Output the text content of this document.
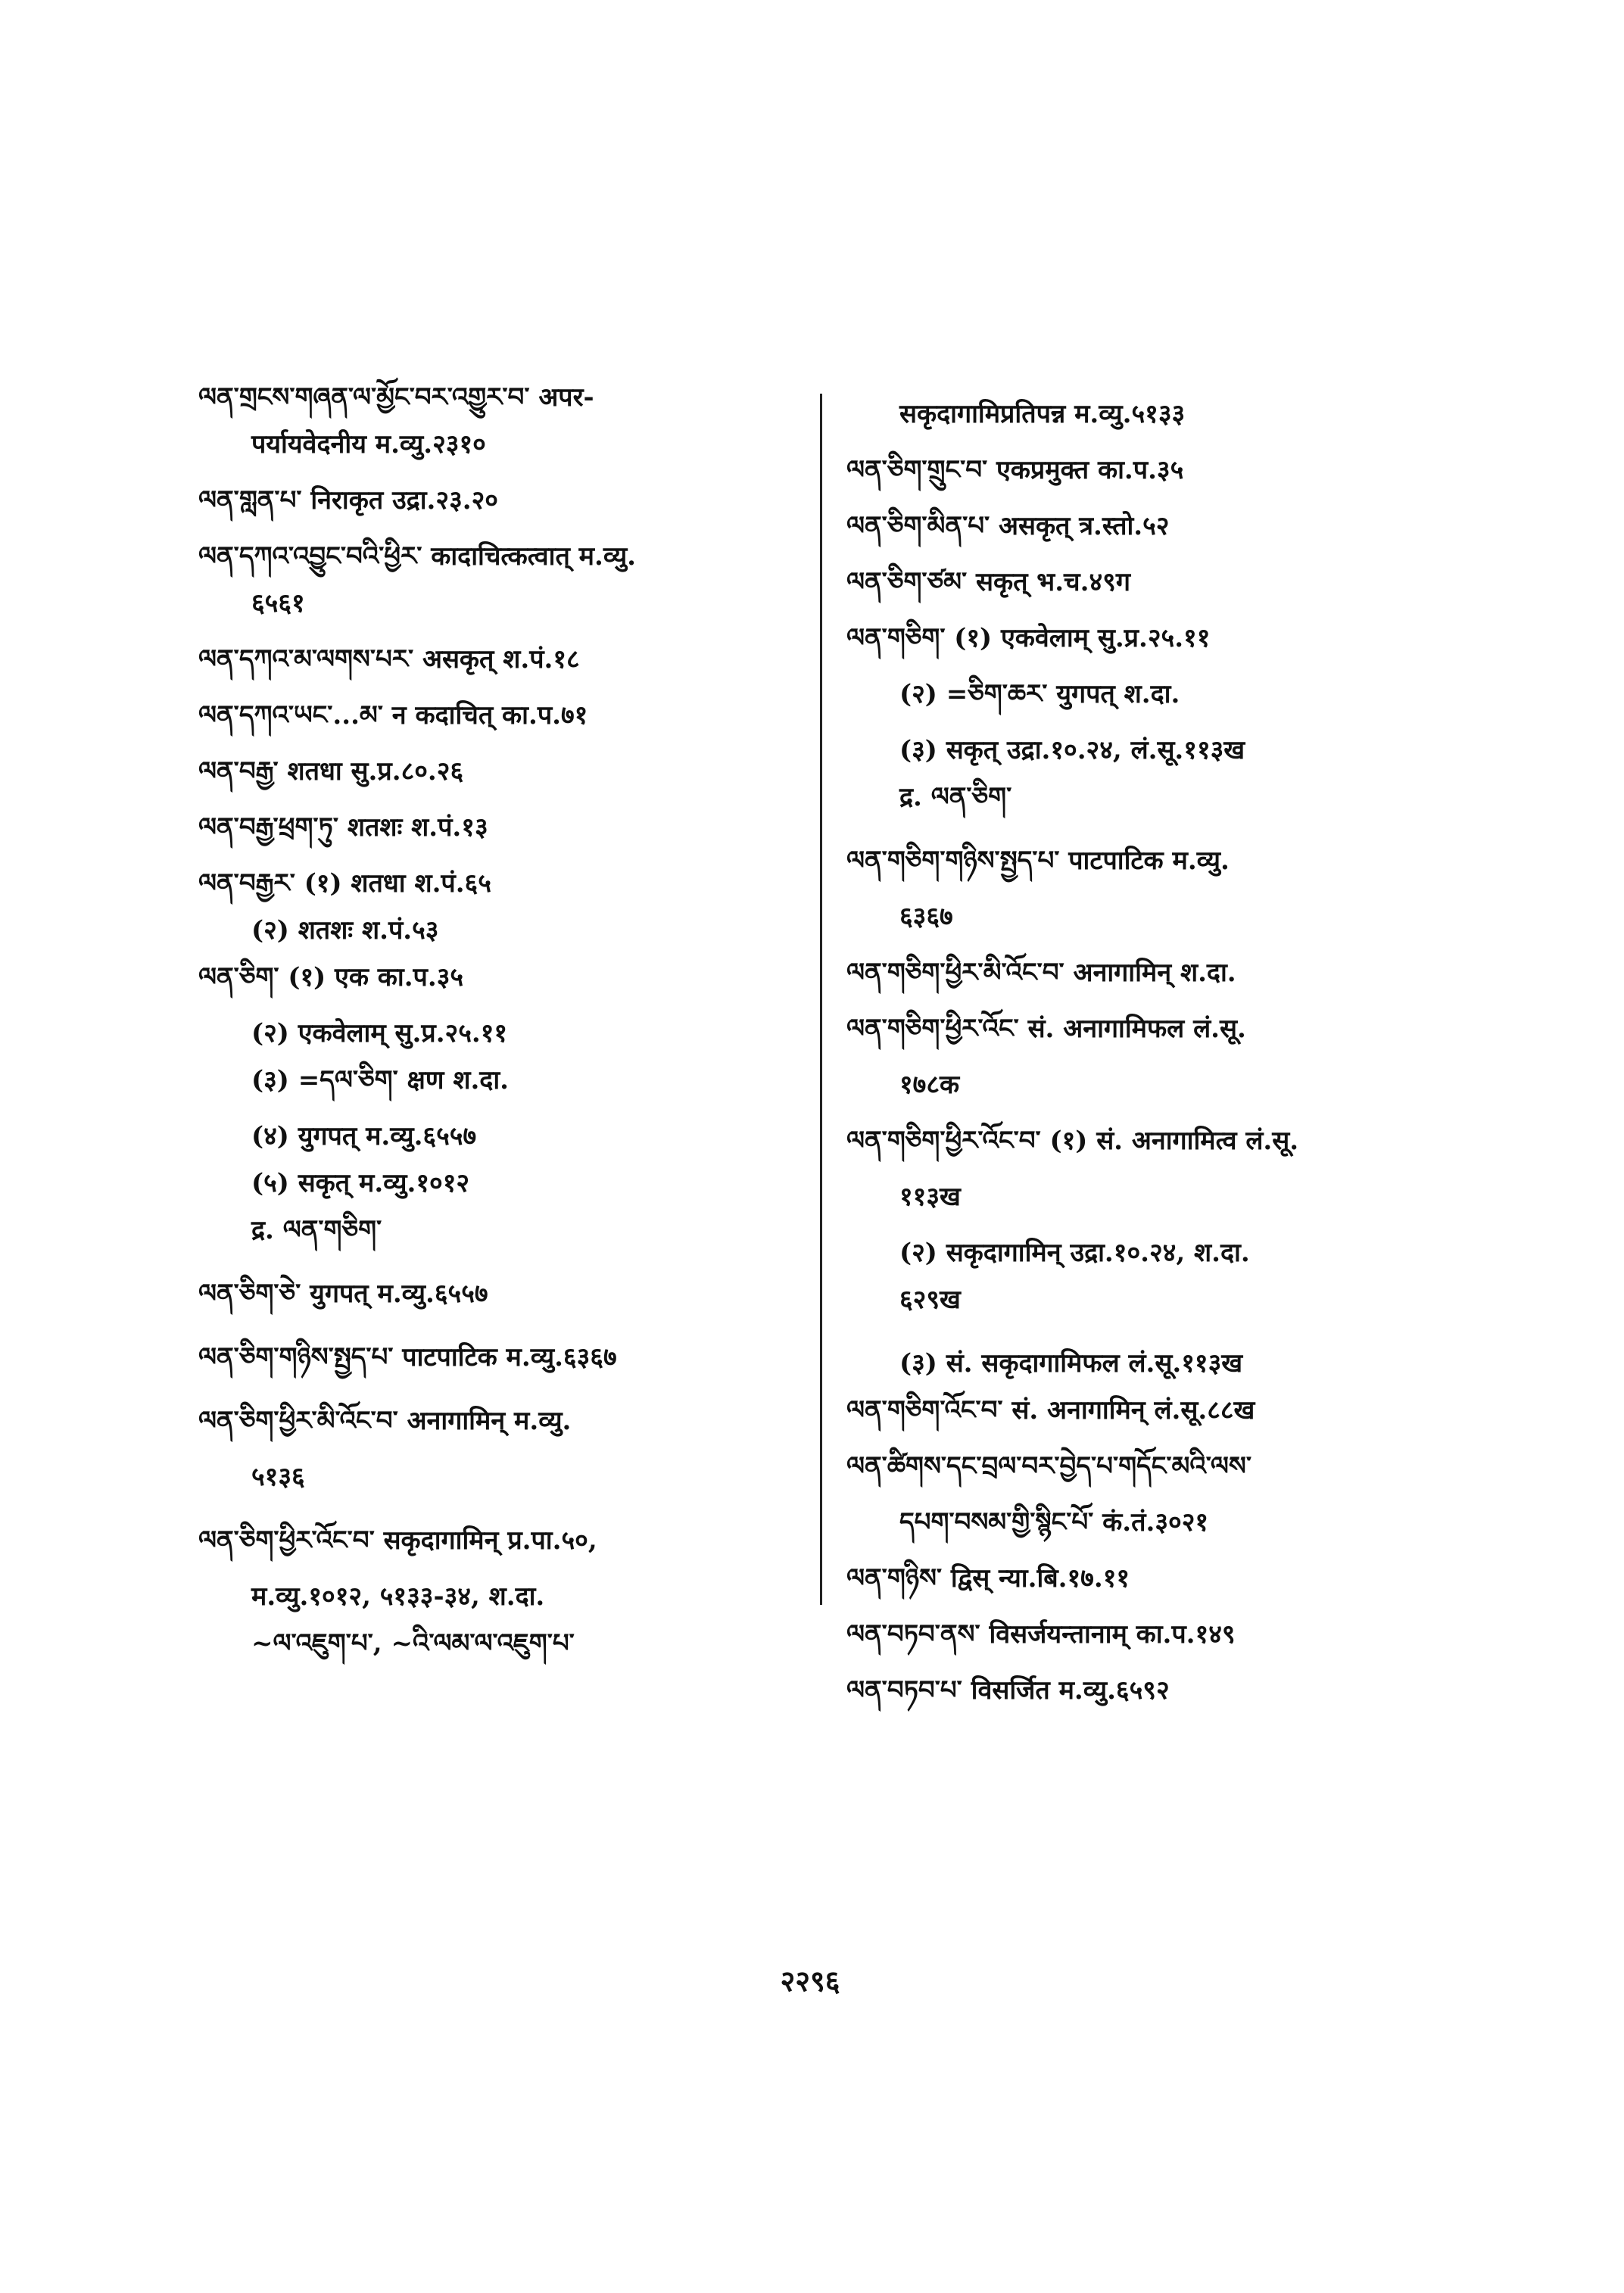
ལན་གྲངས་གཞན་ལ་མྱོང་བར་འགྱུར་བ་ अपर-
पर्यायवेदनीय म.व्यु.२३१०
ལན་གླན་པ་ निराकृत उद्रा.२३.२०
ལན་དཀའ་འབྱུང་བའི་ཕྱིར་ कादाचित्कत्वात् म.व्यु.
६५६१
ལན་དཀའ་མ་ལགས་པར་ असकृत् श.पं.१८
ལན་དཀའ་ཡང་...མ་ न कदाचित् का.प.७१
ལན་བརྒྱ་ शतधा सु.प्र.८०.२६
ལན་བརྒྱ་ཕྲག་ཏུ་ शतशः श.पं.१३
ལན་བརྒྱར་ (१) शतधा श.पं.६५
(२) शतशः श.पं.५३
ལན་ཅིག་ (१) एक का.प.३५
(२) एकवेलाम् सु.प्र.२५.११
(३) =དལ་ཅིག་ क्षण श.दा.
(४) युगपत् म.व्यु.६५५७
(५) सकृत् म.व्यु.१०१२
द्र. ལན་གཅིག་
ལན་ཅིག་ཅེ་ युगपत् म.व्यु.६५५७
ལན་ཅིག་གཉིས་སྤྱད་པ་ पाटपाटिक म.व्यु.६३६७
ལན་ཅིག་ཕྱིར་མི་འོང་བ་ अनागामिन् म.व्यु.
५१३६
ལན་ཅིག་ཕྱིར་འོང་བ་ सकृदागामिन् प्र.पा.५०,
म.व्यु.१०१२, ५१३३-३४, श.दा.
~ལ་འཇུག་པ་, ~འི་ལམ་ལ་འཇུག་པ་
सकृदागामिप्रतिपन्न म.व्यु.५१३३
ལན་ཅིག་གྲུང་བ་ एकप्रमुक्त का.प.३५
ལན་ཅིག་མིན་པ་ असकृत् त्र.स्तो.५२
ལན་ཅིག་ཙམ་ सकृत् भ.च.४९ग
ལན་གཅིག་ (१) एकवेलाम् सु.प्र.२५.११
(२) =ཅིག་ཆར་ युगपत् श.दा.
(३) सकृत् उद्रा.१०.२४, लं.सू.११३ख
द्र. ལན་ཅིག་
ལན་གཅིག་གཉིས་སྤྱད་པ་ पाटपाटिक म.व्यु.
६३६७
ལན་གཅིག་ཕྱིར་མི་འོང་བ་ अनागामिन् श.दा.
ལན་གཅིག་ཕྱིར་འོང་ सं. अनागामिफल लं.सू.
१७८क
ལན་གཅིག་ཕྱིར་འོང་བ་ (१) सं. अनागामित्व लं.सू.
११३ख
(२) सकृदागामिन् उद्रा.१०.२४, श.दा.
६२९ख
(३) सं. सकृदागामिफल लं.सू.११३ख
ལན་གཅིག་འོང་བ་ सं. अनागामिन् लं.सू.८८ख
ལན་ཚིགས་དང་བྲལ་བར་བྱེད་པ་གདོང་མའི་ལས་
དཔག་བསམ་གྱི་སྙིང་པོ་ कं.तं.३०२१
ལན་གཉིས་ द्विस् न्या.बि.१७.११
ལན་བཏབ་ནས་ विसर्जयन्तानाम् का.प.१४९
ལན་བཏབ་པ་ विसर्जित म.व्यु.६५९२
२२९६
